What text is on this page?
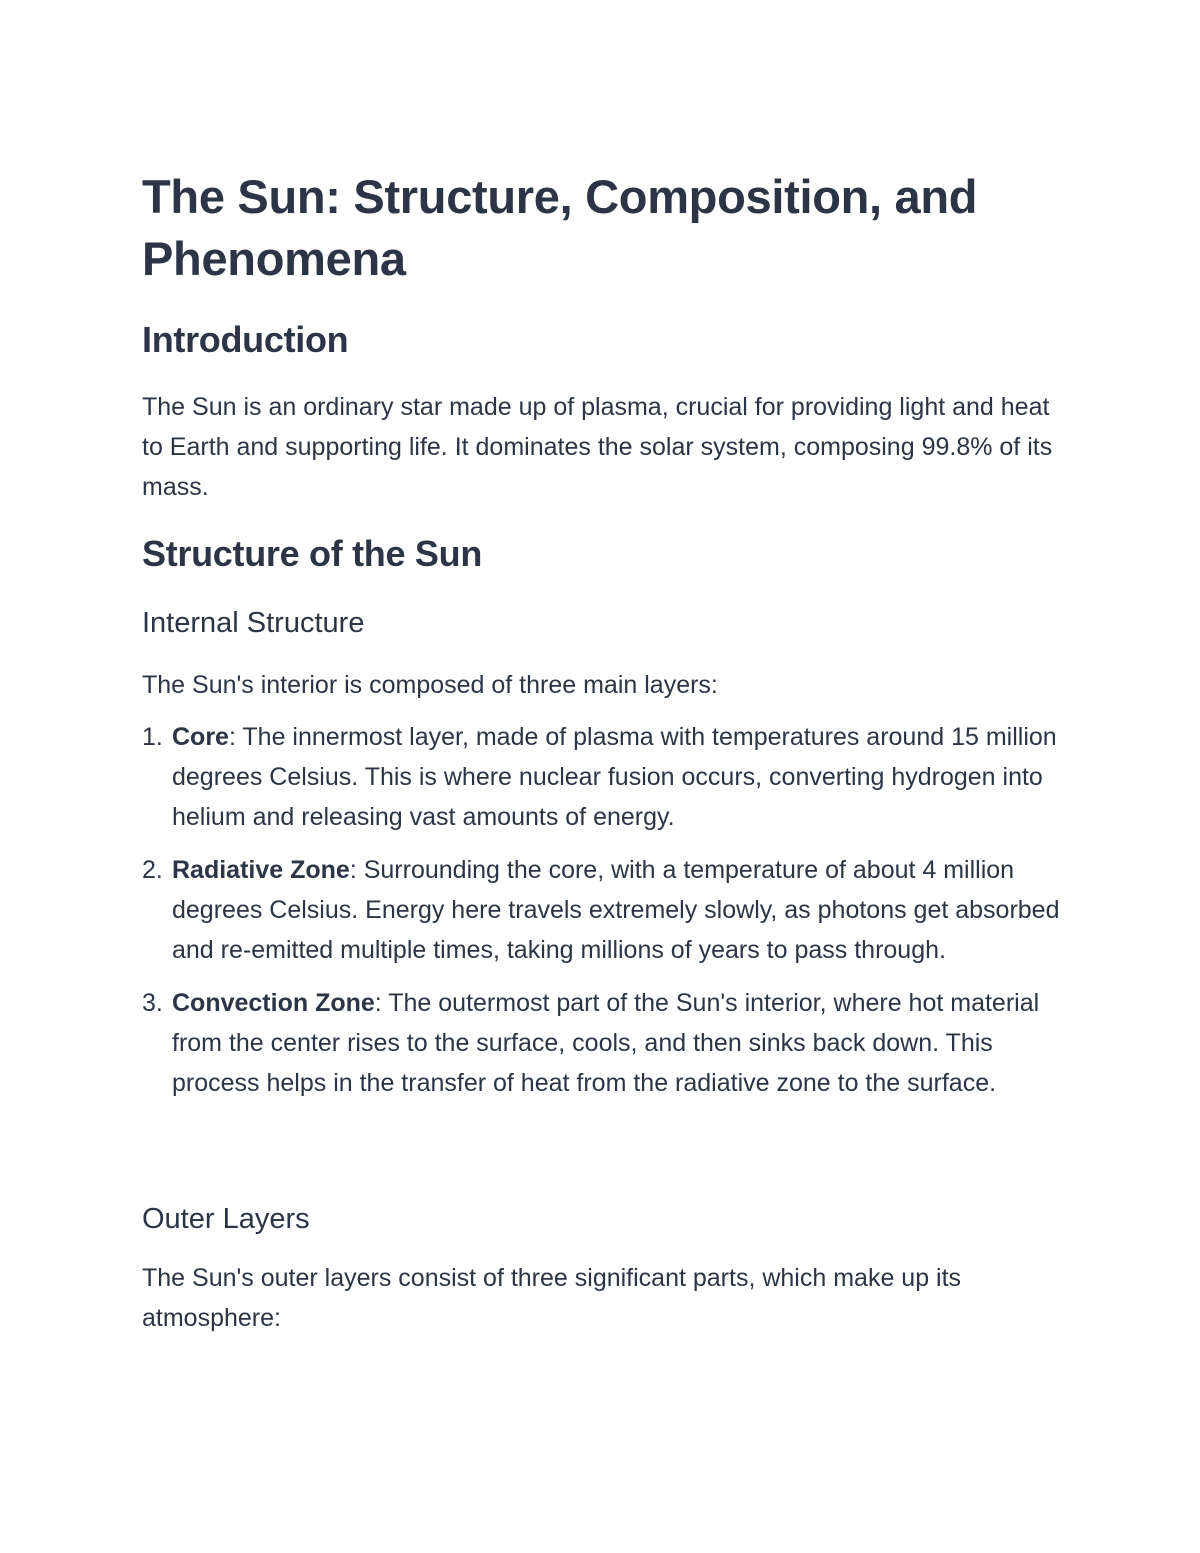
The Sun: Structure, Composition, and Phenomena
Introduction

The Sun is an ordinary star made up of plasma, crucial for providing light and heat to Earth and supporting life. It dominates the solar system, composing 99.8% of its mass.

Structure of the Sun
Internal Structure

The Sun's interior is composed of three main layers:

1. Core: The innermost layer, made of plasma with temperatures around 15 million degrees Celsius. This is where nuclear fusion occurs, converting hydrogen into helium and releasing vast amounts of energy.
2. Radiative Zone: Surrounding the core, with a temperature of about 4 million degrees Celsius. Energy here travels extremely slowly, as photons get absorbed and re-emitted multiple times, taking millions of years to pass through.
3. Convection Zone: The outermost part of the Sun's interior, where hot material from the center rises to the surface, cools, and then sinks back down. This process helps in the transfer of heat from the radiative zone to the surface.
Outer Layers

The Sun's outer layers consist of three significant parts, which make up its atmosphere:
